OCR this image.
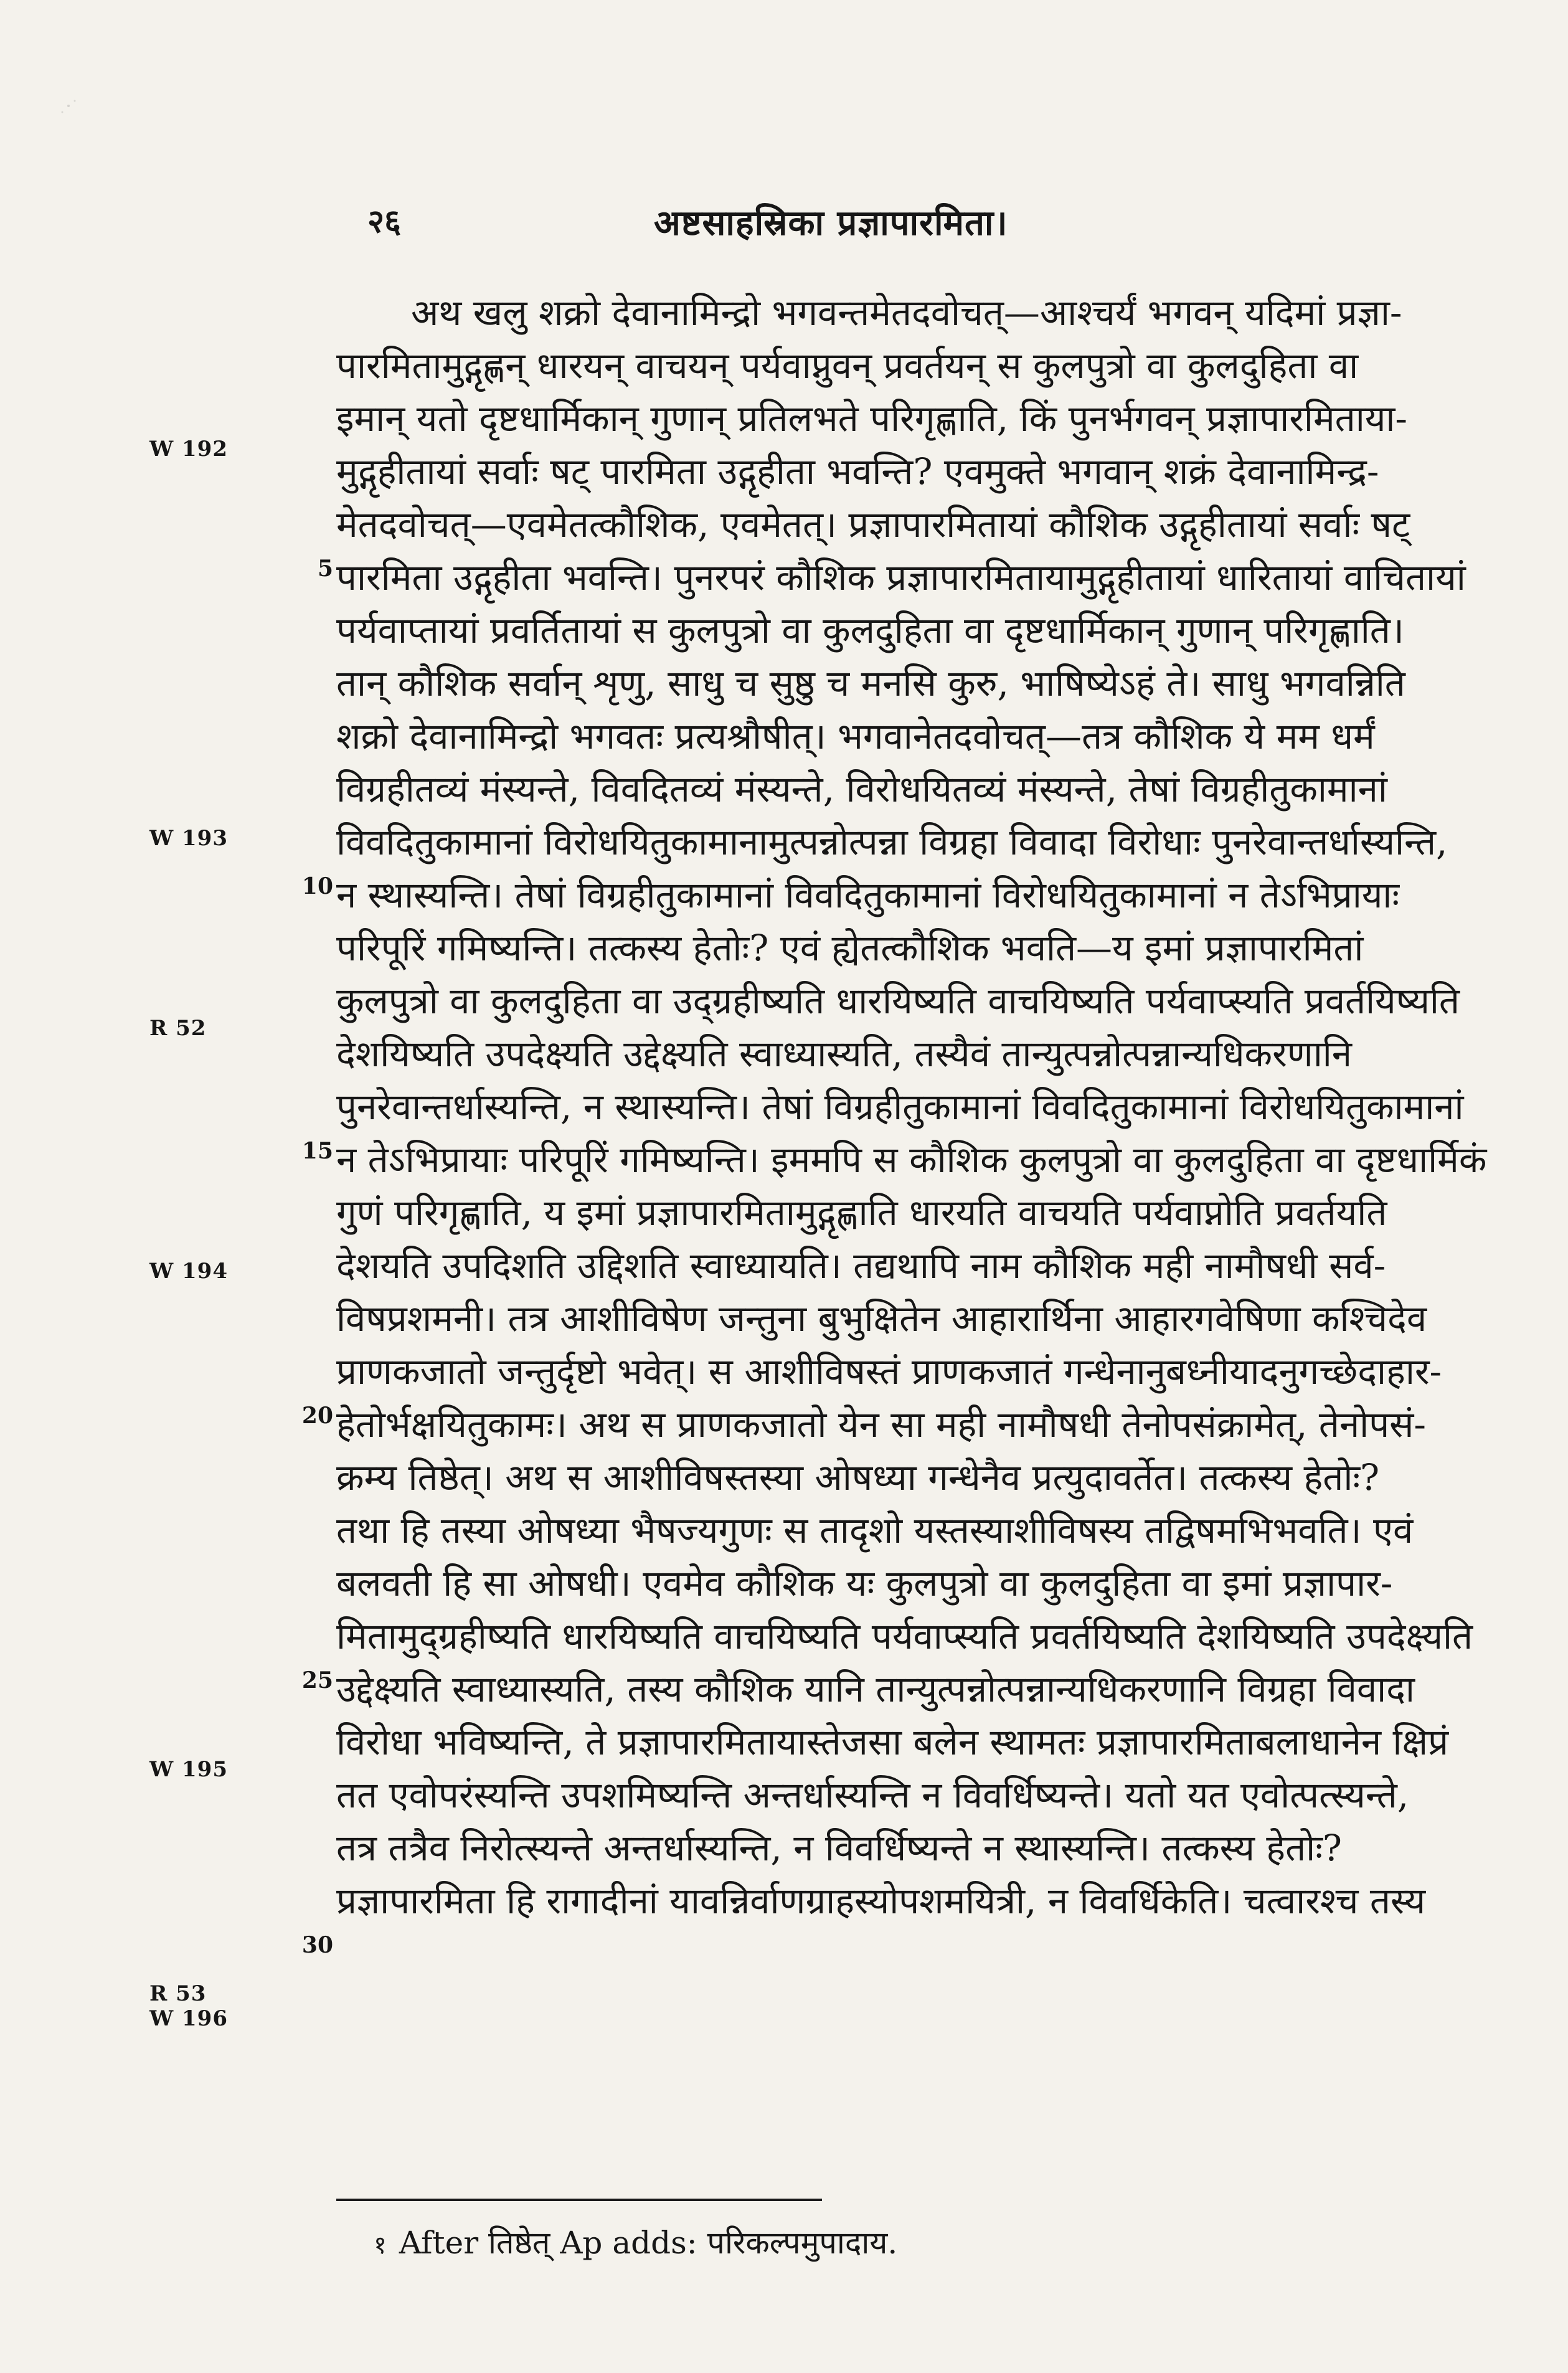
२६	अष्टसाहस्रिका प्रज्ञापारमिता।
W 192
W 193
R 52
W 194
W 195
R 53
W 196
5
10
15
20
25
30
अथ खलु शक्रो देवानामिन्द्रो भगवन्तमेतदवोचत्—आश्चर्यं भगवन् यदिमां प्रज्ञा-
पारमितामुद्गृह्णन् धारयन् वाचयन् पर्यवाप्नुवन् प्रवर्तयन् स कुलपुत्रो वा कुलदुहिता वा
इमान् यतो दृष्टधार्मिकान् गुणान् प्रतिलभते परिगृह्णाति, किं पुनर्भगवन् प्रज्ञापारमिताया-
मुद्गृहीतायां सर्वाः षट् पारमिता उद्गृहीता भवन्ति? एवमुक्ते भगवान् शक्रं देवानामिन्द्र-
मेतदवोचत्—एवमेतत्कौशिक, एवमेतत्। प्रज्ञापारमितायां कौशिक उद्गृहीतायां सर्वाः षट्
पारमिता उद्गृहीता भवन्ति। पुनरपरं कौशिक प्रज्ञापारमितायामुद्गृहीतायां धारितायां वाचितायां
पर्यवाप्तायां प्रवर्तितायां स कुलपुत्रो वा कुलदुहिता वा दृष्टधार्मिकान् गुणान् परिगृह्णाति।
तान् कौशिक सर्वान् शृणु, साधु च सुष्ठु च मनसि कुरु, भाषिष्येऽहं ते। साधु भगवन्निति
शक्रो देवानामिन्द्रो भगवतः प्रत्यश्रौषीत्। भगवानेतदवोचत्—तत्र कौशिक ये मम धर्मं
विग्रहीतव्यं मंस्यन्ते, विवदितव्यं मंस्यन्ते, विरोधयितव्यं मंस्यन्ते, तेषां विग्रहीतुकामानां
विवदितुकामानां विरोधयितुकामानामुत्पन्नोत्पन्ना विग्रहा विवादा विरोधाः पुनरेवान्तर्धास्यन्ति,
न स्थास्यन्ति। तेषां विग्रहीतुकामानां विवदितुकामानां विरोधयितुकामानां न तेऽभिप्रायाः
परिपूरिं गमिष्यन्ति। तत्कस्य हेतोः? एवं ह्येतत्कौशिक भवति—य इमां प्रज्ञापारमितां
कुलपुत्रो वा कुलदुहिता वा उद्ग्रहीष्यति धारयिष्यति वाचयिष्यति पर्यवाप्स्यति प्रवर्तयिष्यति
देशयिष्यति उपदेक्ष्यति उद्देक्ष्यति स्वाध्यास्यति, तस्यैवं तान्युत्पन्नोत्पन्नान्यधिकरणानि
पुनरेवान्तर्धास्यन्ति, न स्थास्यन्ति। तेषां विग्रहीतुकामानां विवदितुकामानां विरोधयितुकामानां
न तेऽभिप्रायाः परिपूरिं गमिष्यन्ति। इममपि स कौशिक कुलपुत्रो वा कुलदुहिता वा दृष्टधार्मिकं
गुणं परिगृह्णाति, य इमां प्रज्ञापारमितामुद्गृह्णाति धारयति वाचयति पर्यवाप्नोति प्रवर्तयति
देशयति उपदिशति उद्दिशति स्वाध्यायति। तद्यथापि नाम कौशिक मही नामौषधी सर्व-
विषप्रशमनी। तत्र आशीविषेण जन्तुना बुभुक्षितेन आहारार्थिना आहारगवेषिणा कश्चिदेव
प्राणकजातो जन्तुर्दृष्टो भवेत्। स आशीविषस्तं प्राणकजातं गन्धेनानुबध्नीयादनुगच्छेदाहार-
हेतोर्भक्षयितुकामः। अथ स प्राणकजातो येन सा मही नामौषधी तेनोपसंक्रामेत्, तेनोपसं-
क्रम्य तिष्ठेत्। अथ स आशीविषस्तस्या ओषध्या गन्धेनैव प्रत्युदावर्तेत। तत्कस्य हेतोः?
तथा हि तस्या ओषध्या भैषज्यगुणः स तादृशो यस्तस्याशीविषस्य तद्विषमभिभवति। एवं
बलवती हि सा ओषधी। एवमेव कौशिक यः कुलपुत्रो वा कुलदुहिता वा इमां प्रज्ञापार-
मितामुद्ग्रहीष्यति धारयिष्यति वाचयिष्यति पर्यवाप्स्यति प्रवर्तयिष्यति देशयिष्यति उपदेक्ष्यति
उद्देक्ष्यति स्वाध्यास्यति, तस्य कौशिक यानि तान्युत्पन्नोत्पन्नान्यधिकरणानि विग्रहा विवादा
विरोधा भविष्यन्ति, ते प्रज्ञापारमितायास्तेजसा बलेन स्थामतः प्रज्ञापारमिताबलाधानेन क्षिप्रं
तत एवोपरंस्यन्ति उपशमिष्यन्ति अन्तर्धास्यन्ति न विवर्धिष्यन्ते। यतो यत एवोत्पत्स्यन्ते,
तत्र तत्रैव निरोत्स्यन्ते अन्तर्धास्यन्ति, न विवर्धिष्यन्ते न स्थास्यन्ति। तत्कस्य हेतोः?
प्रज्ञापारमिता हि रागादीनां यावन्निर्वाणग्राहस्योपशमयित्री, न विवर्धिकेति। चत्वारश्च तस्य
१ After तिष्ठेत् Ap adds: परिकल्पमुपादाय.
